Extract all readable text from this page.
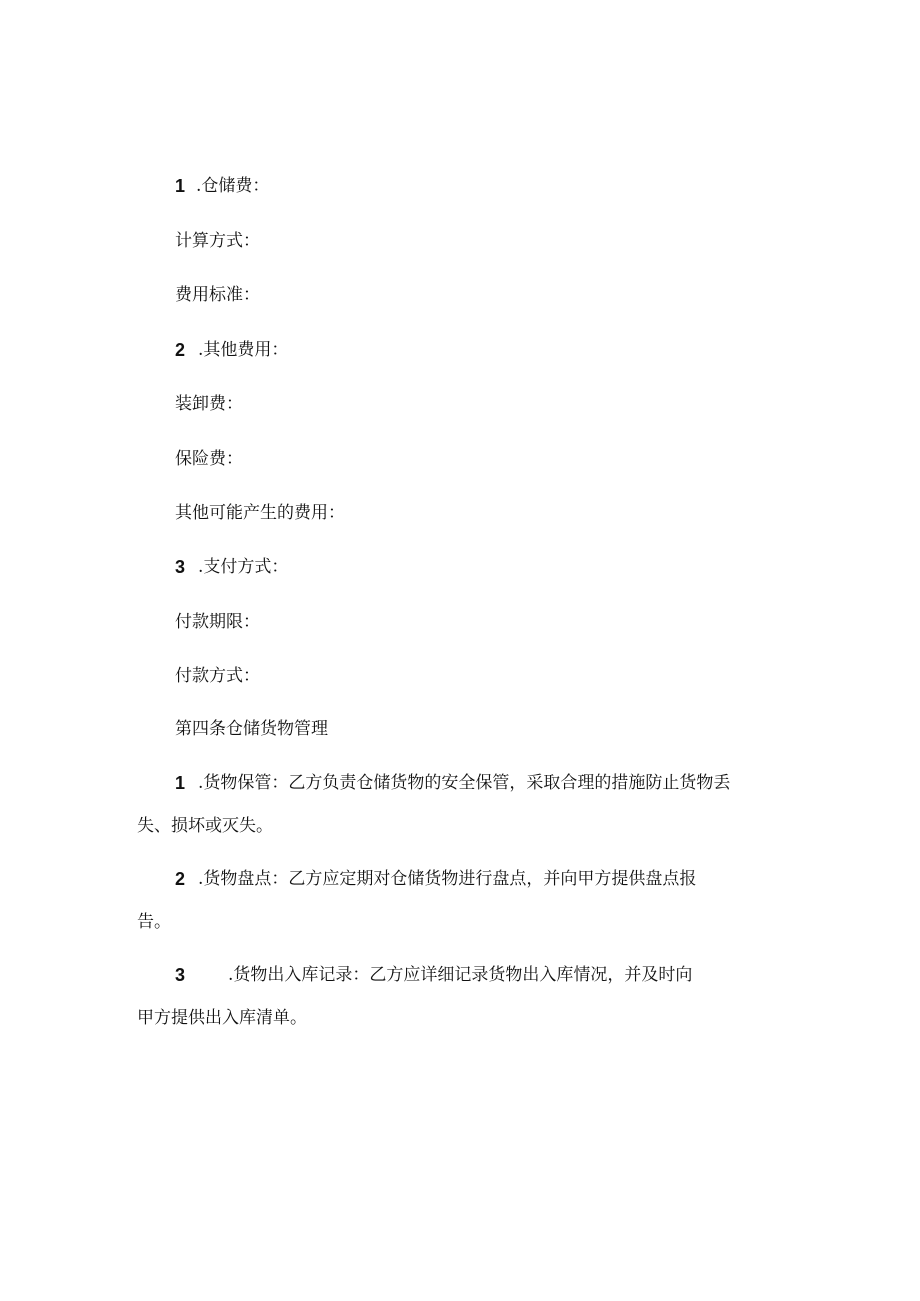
1 .仓储费：
计算方式：
费用标准：
2 .其他费用：
装卸费：
保险费：
其他可能产生的费用：
3 .支付方式：
付款期限：
付款方式：
第四条仓储货物管理
1 .货物保管：乙方负责仓储货物的安全保管，采取合理的措施防止货物丢
失、损坏或灭失。
2 .货物盘点：乙方应定期对仓储货物进行盘点，并向甲方提供盘点报
告。
3	.货物出入库记录：乙方应详细记录货物出入库情况，并及时向
甲方提供出入库清单。
